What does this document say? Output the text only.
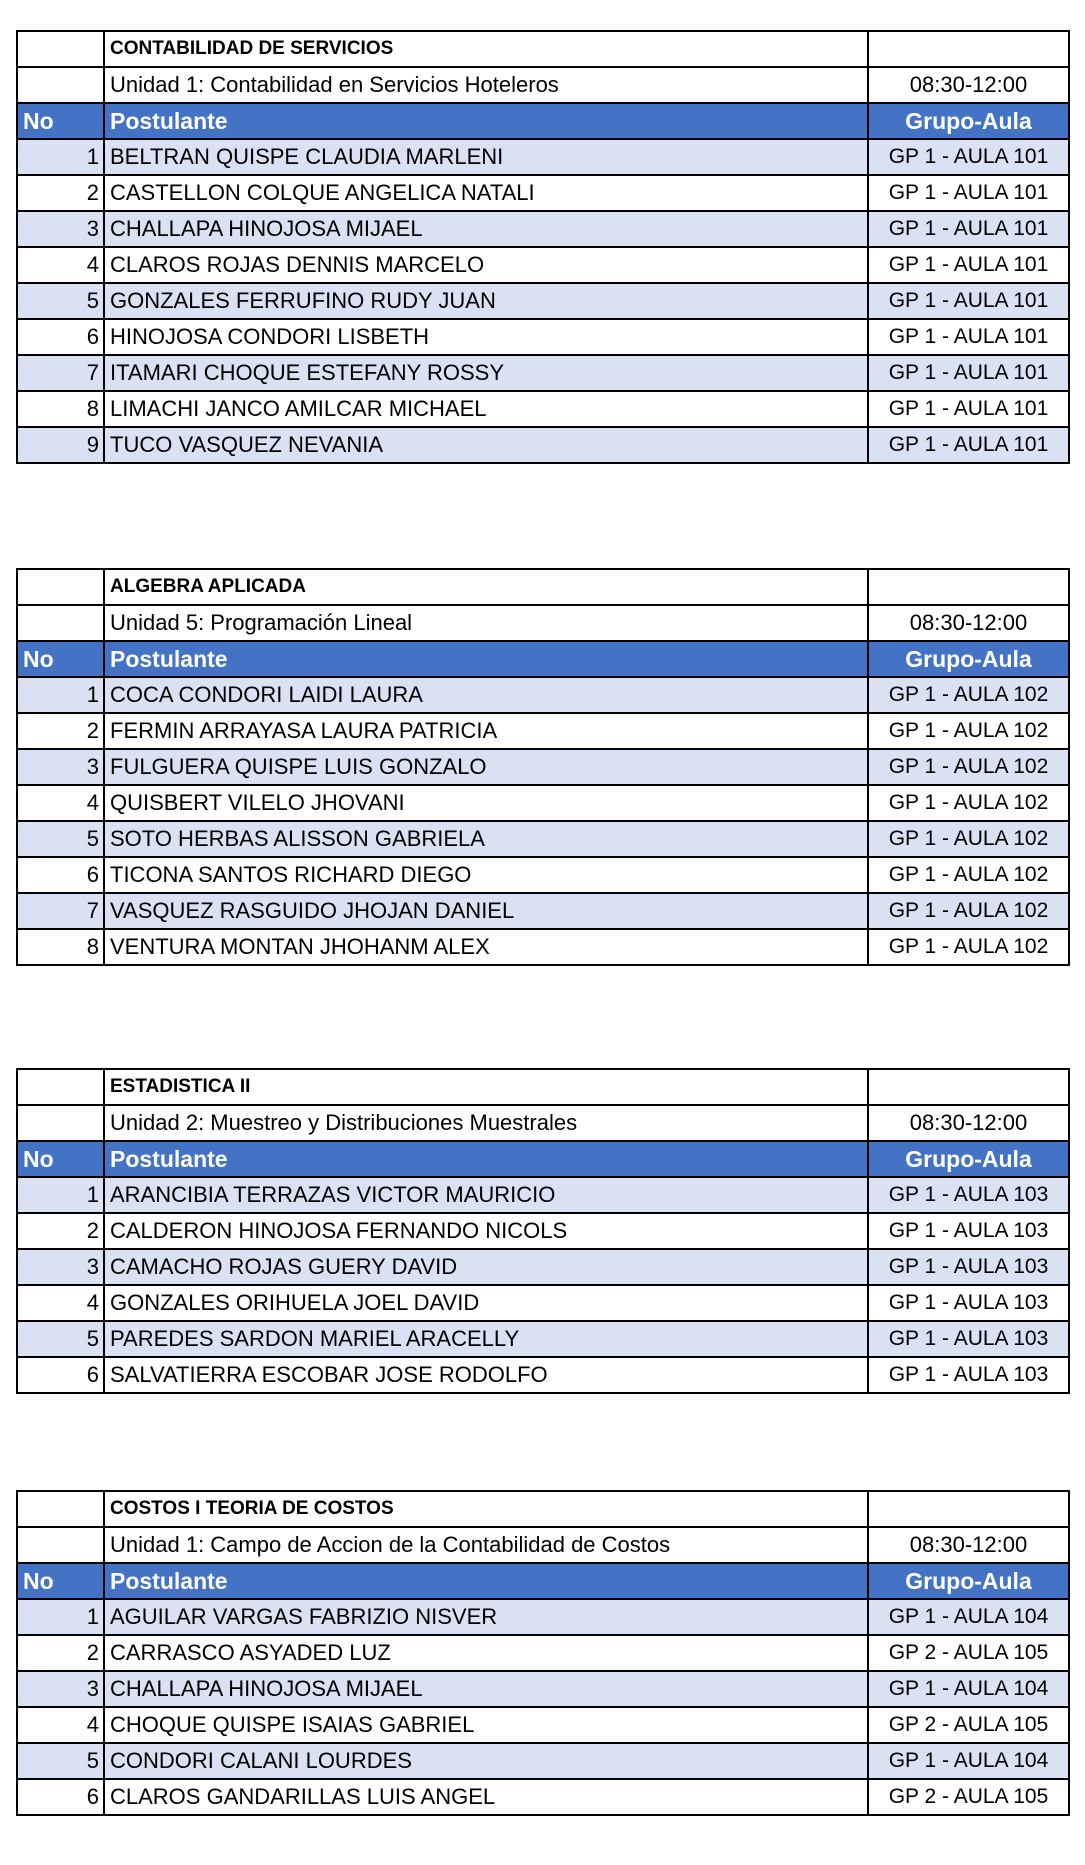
	CONTABILIDAD DE SERVICIOS	
	Unidad 1: Contabilidad en Servicios Hoteleros	08:30-12:00
No	Postulante	Grupo-Aula
1	BELTRAN QUISPE CLAUDIA MARLENI	GP 1 - AULA 101
2	CASTELLON COLQUE ANGELICA NATALI	GP 1 - AULA 101
3	CHALLAPA HINOJOSA MIJAEL	GP 1 - AULA 101
4	CLAROS ROJAS DENNIS MARCELO	GP 1 - AULA 101
5	GONZALES FERRUFINO RUDY JUAN	GP 1 - AULA 101
6	HINOJOSA CONDORI LISBETH	GP 1 - AULA 101
7	ITAMARI CHOQUE ESTEFANY ROSSY	GP 1 - AULA 101
8	LIMACHI JANCO AMILCAR MICHAEL	GP 1 - AULA 101
9	TUCO VASQUEZ NEVANIA	GP 1 - AULA 101
	ALGEBRA APLICADA	
	Unidad 5: Programación Lineal	08:30-12:00
No	Postulante	Grupo-Aula
1	COCA CONDORI LAIDI LAURA	GP 1 - AULA 102
2	FERMIN ARRAYASA LAURA PATRICIA	GP 1 - AULA 102
3	FULGUERA QUISPE LUIS GONZALO	GP 1 - AULA 102
4	QUISBERT VILELO JHOVANI	GP 1 - AULA 102
5	SOTO HERBAS ALISSON GABRIELA	GP 1 - AULA 102
6	TICONA SANTOS RICHARD DIEGO	GP 1 - AULA 102
7	VASQUEZ RASGUIDO JHOJAN DANIEL	GP 1 - AULA 102
8	VENTURA MONTAN JHOHANM ALEX	GP 1 - AULA 102
	ESTADISTICA II	
	Unidad 2: Muestreo y Distribuciones Muestrales	08:30-12:00
No	Postulante	Grupo-Aula
1	ARANCIBIA TERRAZAS VICTOR MAURICIO	GP 1 - AULA 103
2	CALDERON HINOJOSA FERNANDO NICOLS	GP 1 - AULA 103
3	CAMACHO ROJAS GUERY DAVID	GP 1 - AULA 103
4	GONZALES ORIHUELA JOEL DAVID	GP 1 - AULA 103
5	PAREDES SARDON MARIEL ARACELLY	GP 1 - AULA 103
6	SALVATIERRA ESCOBAR JOSE RODOLFO	GP 1 - AULA 103
	COSTOS I TEORIA DE COSTOS	
	Unidad 1: Campo de Accion de la Contabilidad de Costos	08:30-12:00
No	Postulante	Grupo-Aula
1	AGUILAR VARGAS FABRIZIO NISVER	GP 1 - AULA 104
2	CARRASCO ASYADED LUZ	GP 2 - AULA 105
3	CHALLAPA HINOJOSA MIJAEL	GP 1 - AULA 104
4	CHOQUE QUISPE ISAIAS GABRIEL	GP 2 - AULA 105
5	CONDORI CALANI LOURDES	GP 1 - AULA 104
6	CLAROS GANDARILLAS LUIS ANGEL	GP 2 - AULA 105
